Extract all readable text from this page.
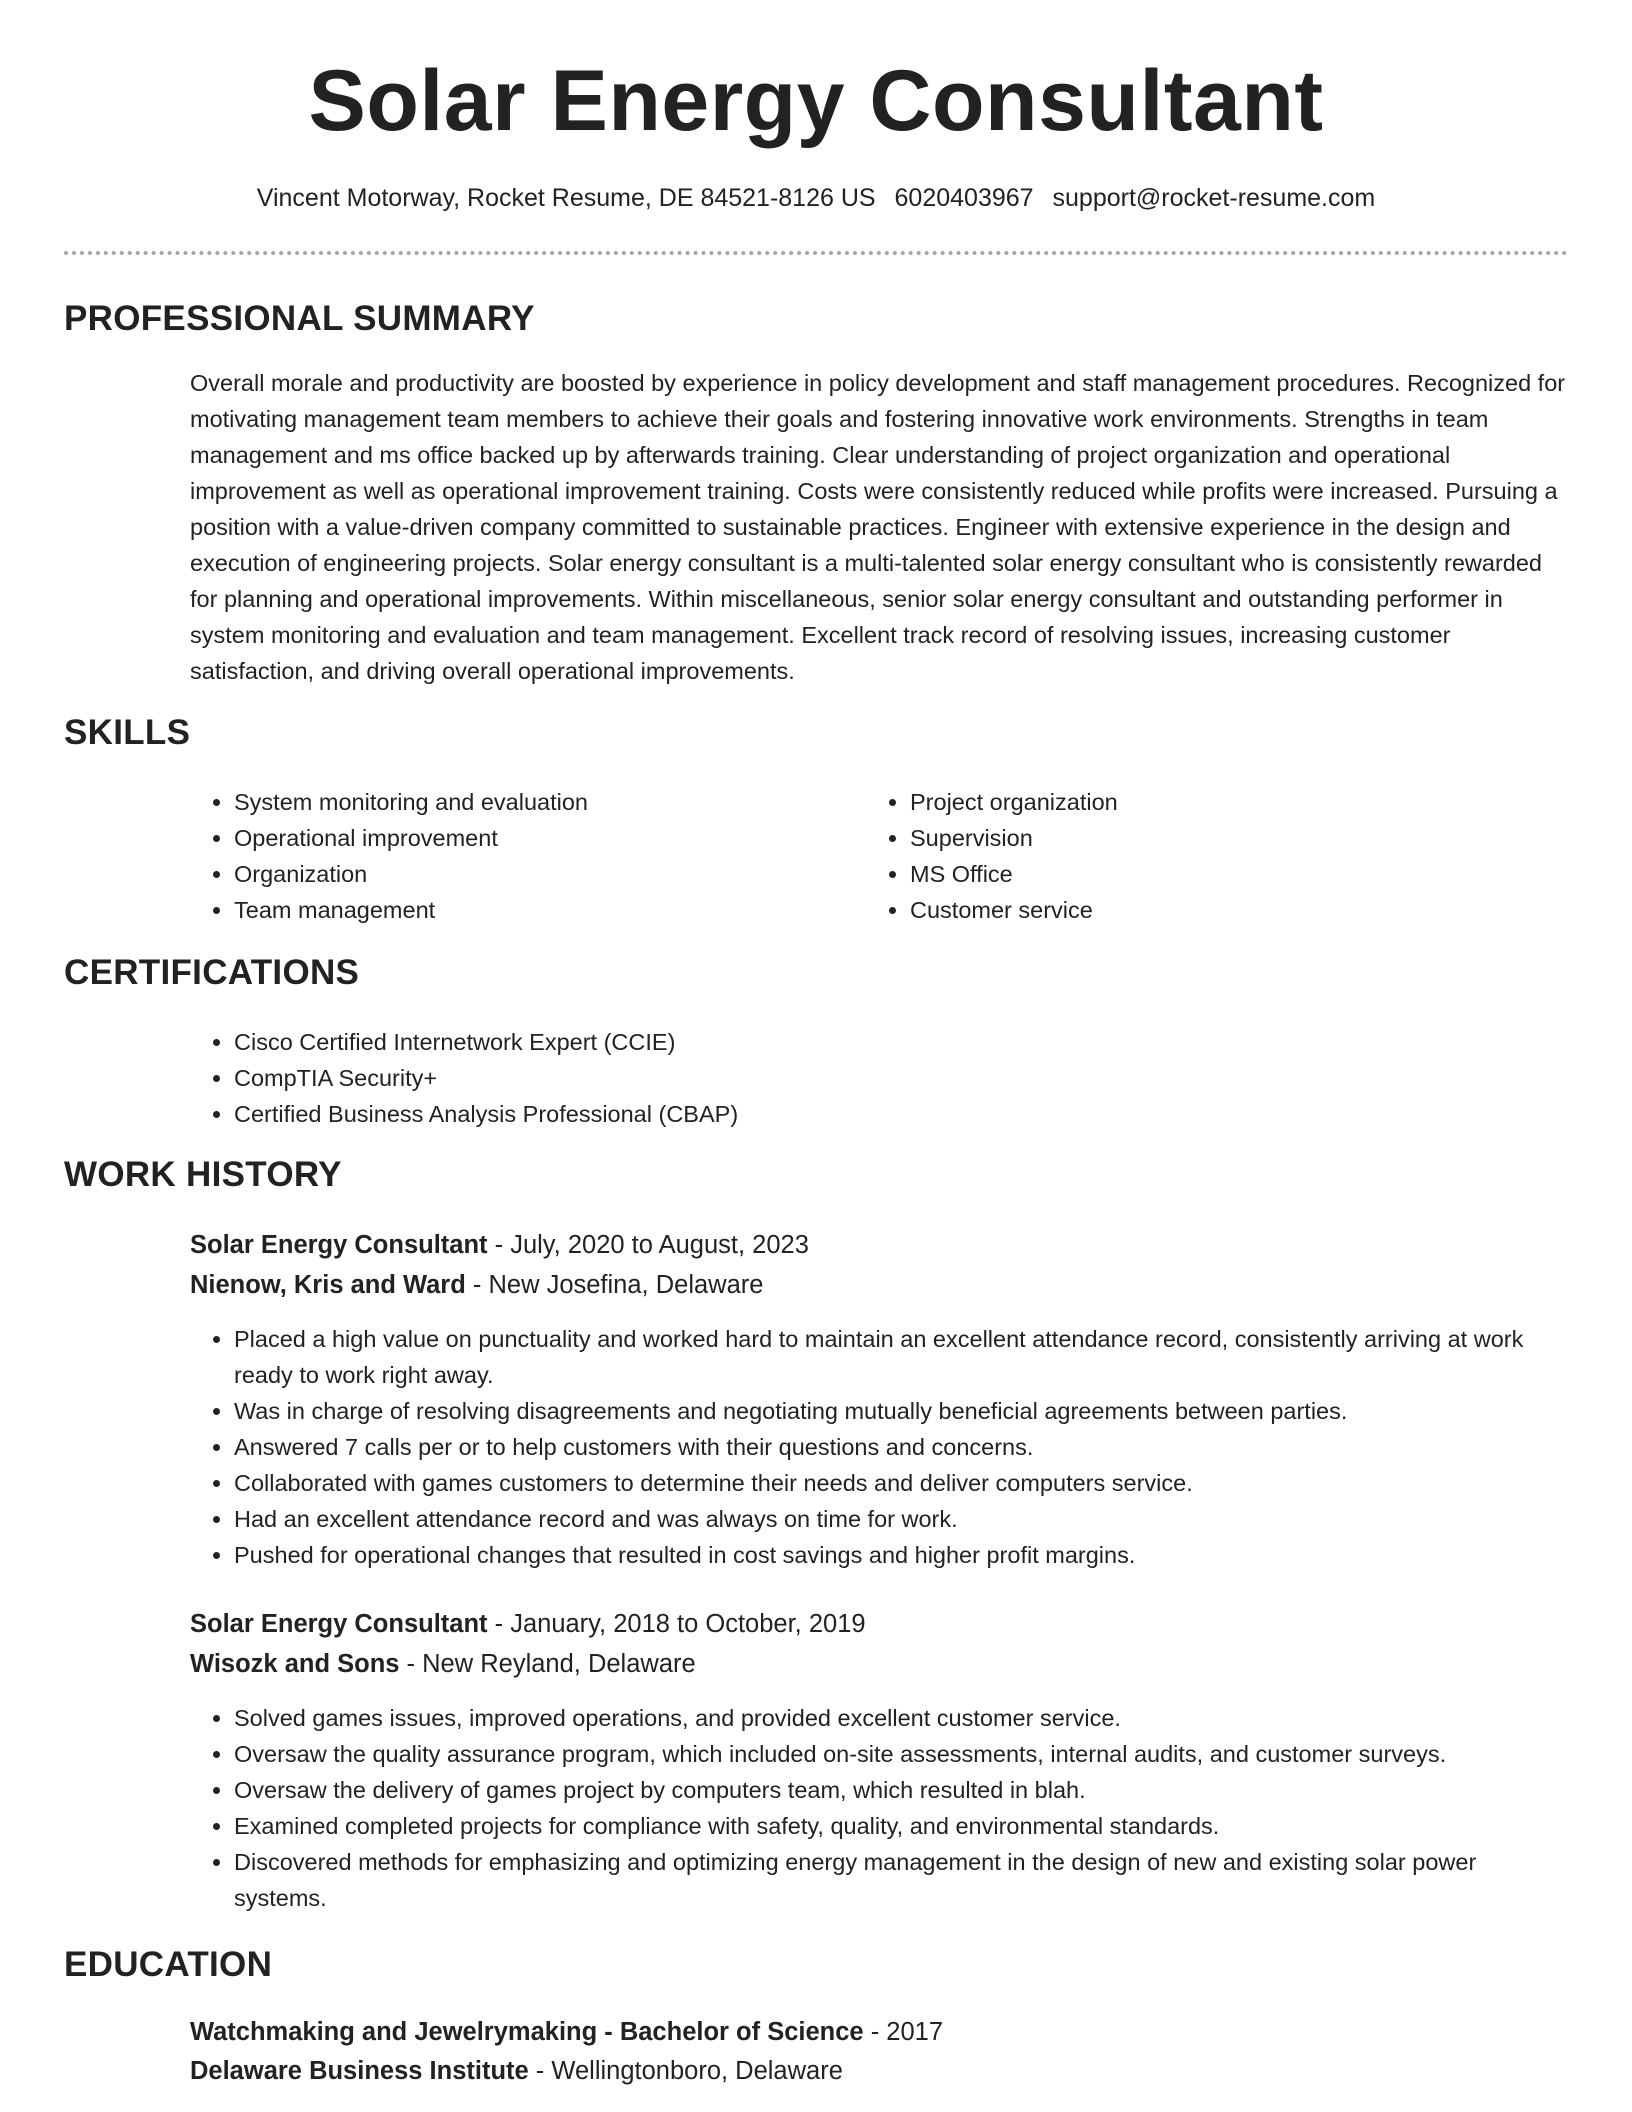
Solar Energy Consultant
Vincent Motorway, Rocket Resume, DE 84521-8126 US 6020403967 support@rocket-resume.com
PROFESSIONAL SUMMARY

Overall morale and productivity are boosted by experience in policy development and staff management procedures. Recognized for motivating management team members to achieve their goals and fostering innovative work environments. Strengths in team management and ms office backed up by afterwards training. Clear understanding of project organization and operational improvement as well as operational improvement training. Costs were consistently reduced while profits were increased. Pursuing a position with a value-driven company committed to sustainable practices. Engineer with extensive experience in the design and execution of engineering projects. Solar energy consultant is a multi-talented solar energy consultant who is consistently rewarded for planning and operational improvements. Within miscellaneous, senior solar energy consultant and outstanding performer in system monitoring and evaluation and team management. Excellent track record of resolving issues, increasing customer satisfaction, and driving overall operational improvements.

SKILLS
• System monitoring and evaluation
• Operational improvement
• Organization
• Team management
• Project organization
• Supervision
• MS Office
• Customer service
CERTIFICATIONS
• Cisco Certified Internetwork Expert (CCIE)
• CompTIA Security+
• Certified Business Analysis Professional (CBAP)
WORK HISTORY
Solar Energy Consultant - July, 2020 to August, 2023
Nienow, Kris and Ward - New Josefina, Delaware
• Placed a high value on punctuality and worked hard to maintain an excellent attendance record, consistently arriving at work ready to work right away.
• Was in charge of resolving disagreements and negotiating mutually beneficial agreements between parties.
• Answered 7 calls per or to help customers with their questions and concerns.
• Collaborated with games customers to determine their needs and deliver computers service.
• Had an excellent attendance record and was always on time for work.
• Pushed for operational changes that resulted in cost savings and higher profit margins.
Solar Energy Consultant - January, 2018 to October, 2019
Wisozk and Sons - New Reyland, Delaware
• Solved games issues, improved operations, and provided excellent customer service.
• Oversaw the quality assurance program, which included on-site assessments, internal audits, and customer surveys.
• Oversaw the delivery of games project by computers team, which resulted in blah.
• Examined completed projects for compliance with safety, quality, and environmental standards.
• Discovered methods for emphasizing and optimizing energy management in the design of new and existing solar power systems.
EDUCATION
Watchmaking and Jewelrymaking - Bachelor of Science - 2017
Delaware Business Institute - Wellingtonboro, Delaware
